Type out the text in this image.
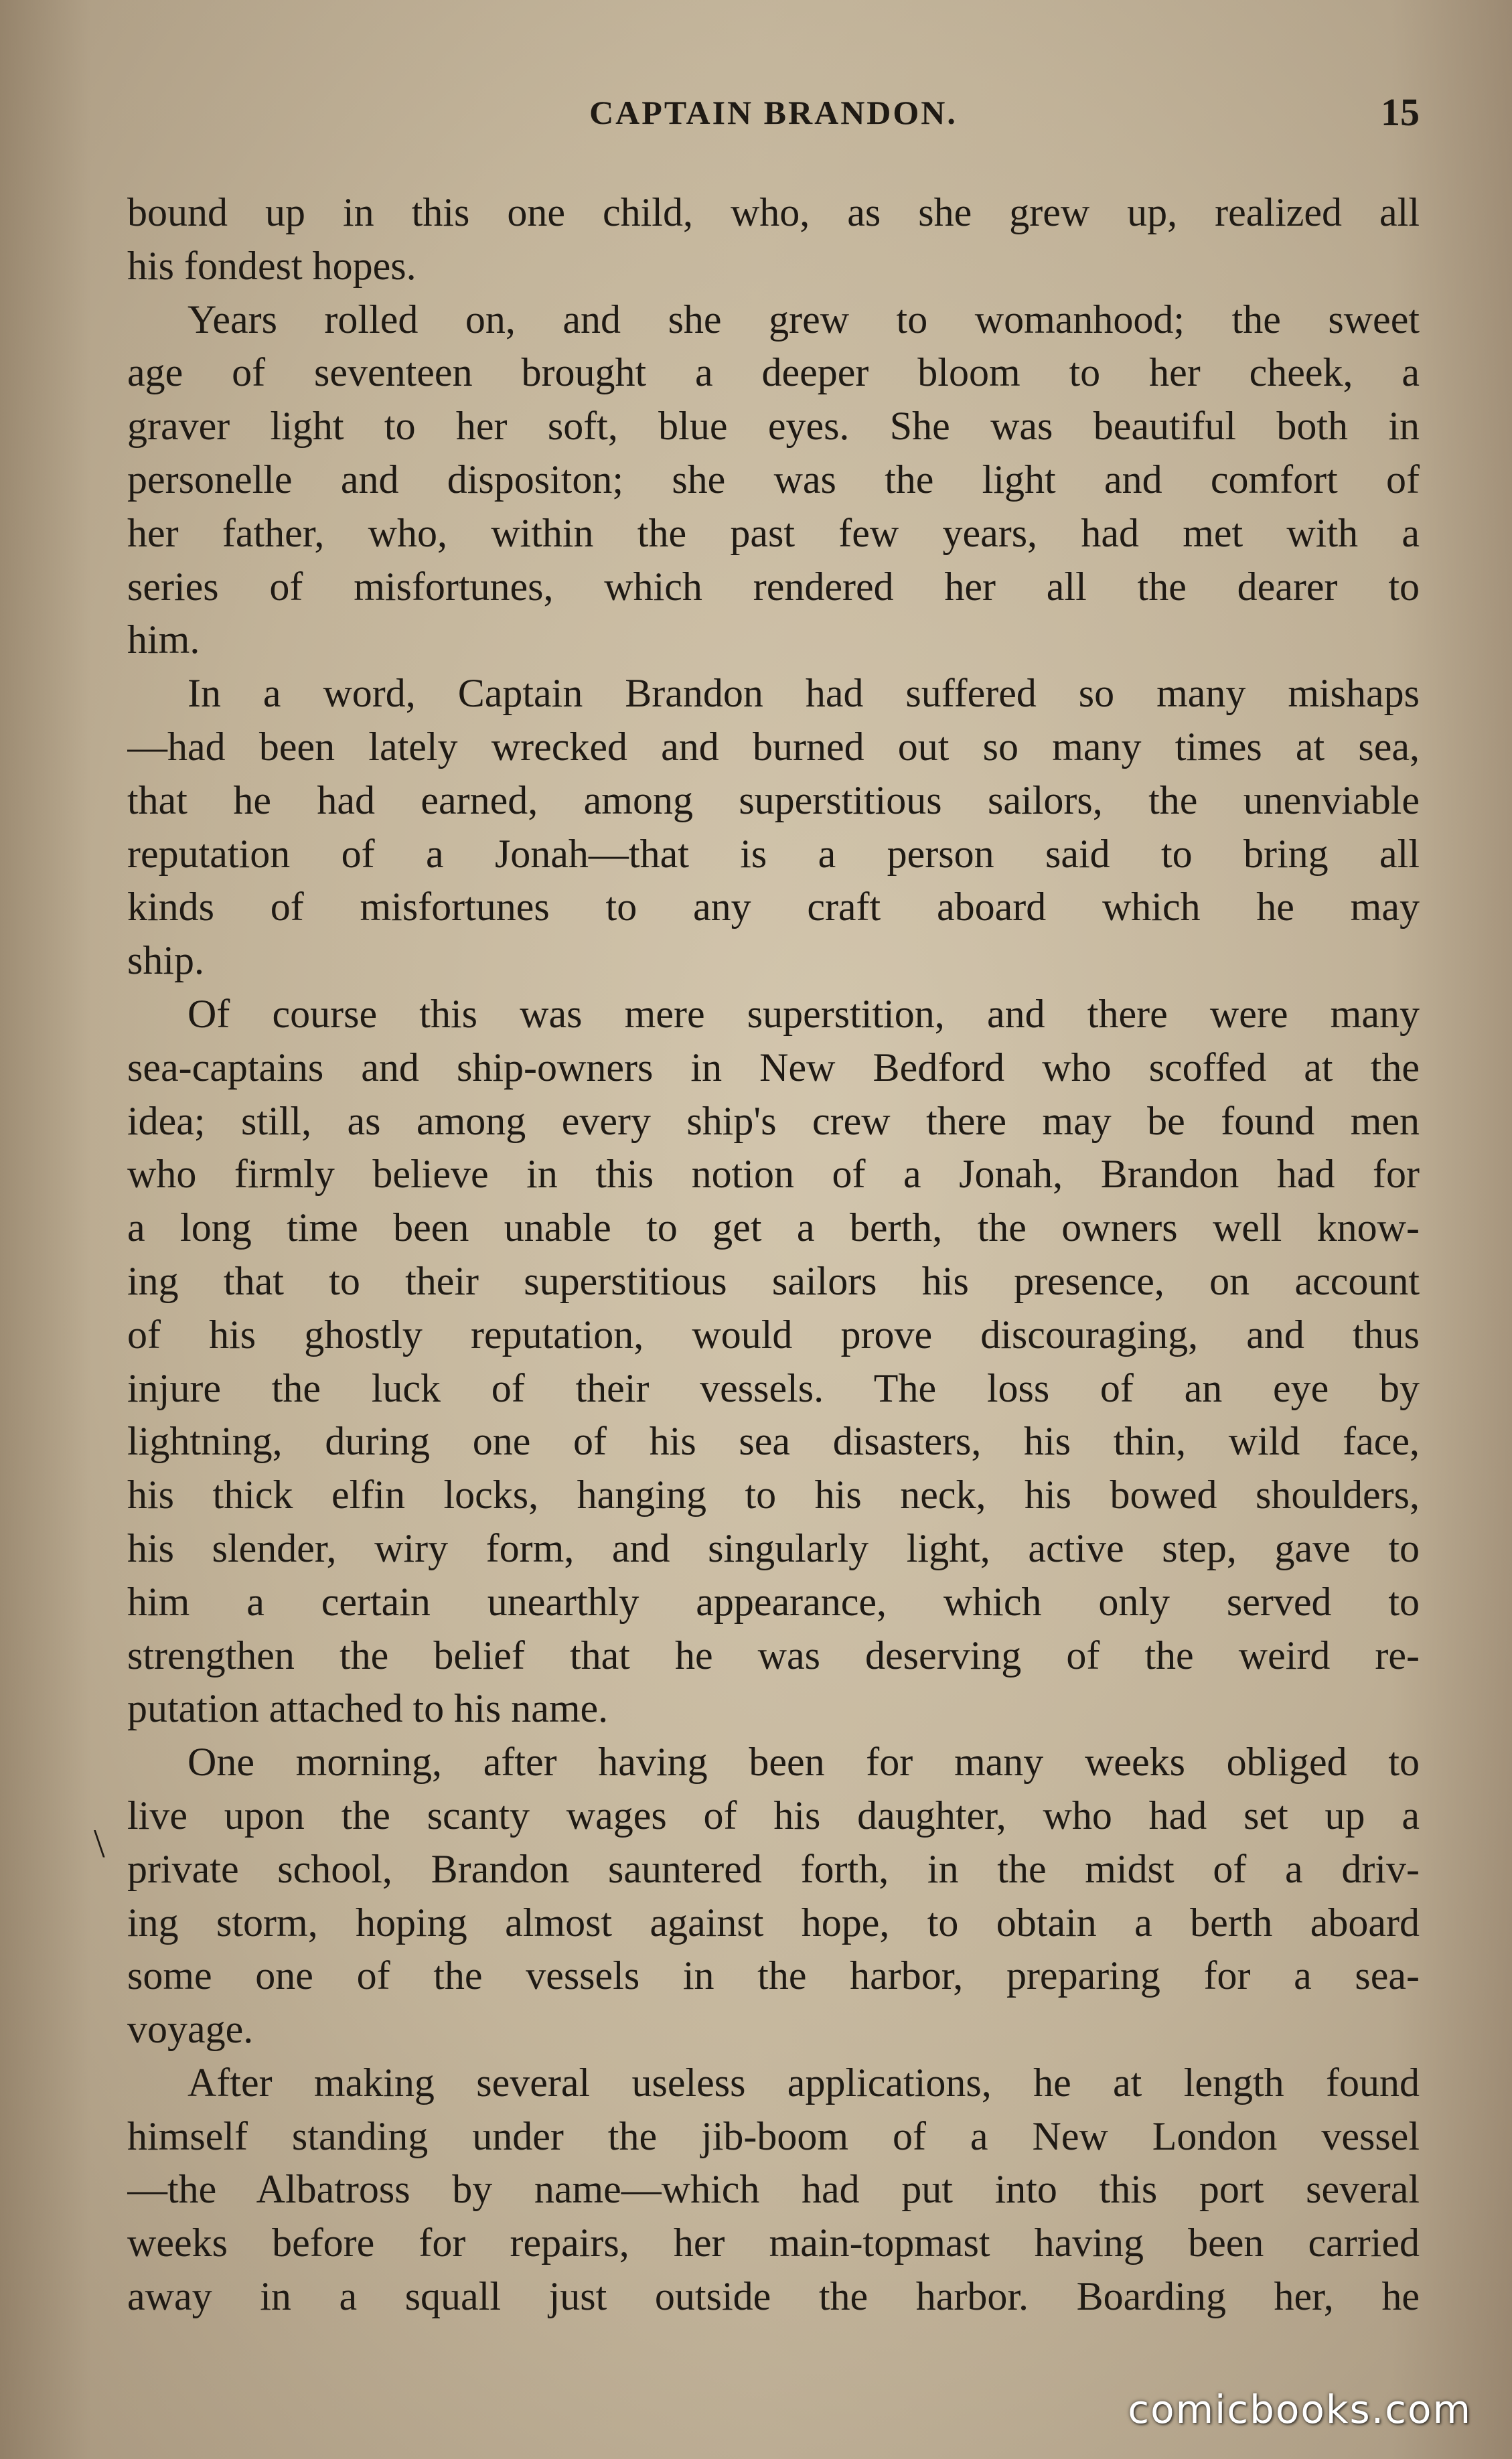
CAPTAIN BRANDON.	15
\
bound up in this one child, who, as she grew up, realized all
his fondest hopes.
Years rolled on, and she grew to womanhood; the sweet
age of seventeen brought a deeper bloom to her cheek, a
graver light to her soft, blue eyes. She was beautiful both in
personelle and dispositon; she was the light and comfort of
her father, who, within the past few years, had met with a
series of misfortunes, which rendered her all the dearer to
him.
In a word, Captain Brandon had suffered so many mishaps
—had been lately wrecked and burned out so many times at sea,
that he had earned, among superstitious sailors, the unenviable
reputation of a Jonah—that is a person said to bring all
kinds of misfortunes to any craft aboard which he may
ship.
Of course this was mere superstition, and there were many
sea-captains and ship-owners in New Bedford who scoffed at the
idea; still, as among every ship's crew there may be found men
who firmly believe in this notion of a Jonah, Brandon had for
a long time been unable to get a berth, the owners well know-
ing that to their superstitious sailors his presence, on account
of his ghostly reputation, would prove discouraging, and thus
injure the luck of their vessels. The loss of an eye by
lightning, during one of his sea disasters, his thin, wild face,
his thick elfin locks, hanging to his neck, his bowed shoulders,
his slender, wiry form, and singularly light, active step, gave to
him a certain unearthly appearance, which only served to
strengthen the belief that he was deserving of the weird re-
putation attached to his name.
One morning, after having been for many weeks obliged to
live upon the scanty wages of his daughter, who had set up a
private school, Brandon sauntered forth, in the midst of a driv-
ing storm, hoping almost against hope, to obtain a berth aboard
some one of the vessels in the harbor, preparing for a sea-
voyage.
After making several useless applications, he at length found
himself standing under the jib-boom of a New London vessel
—the Albatross by name—which had put into this port several
weeks before for repairs, her main-topmast having been carried
away in a squall just outside the harbor. Boarding her, he
comicbooks.com
